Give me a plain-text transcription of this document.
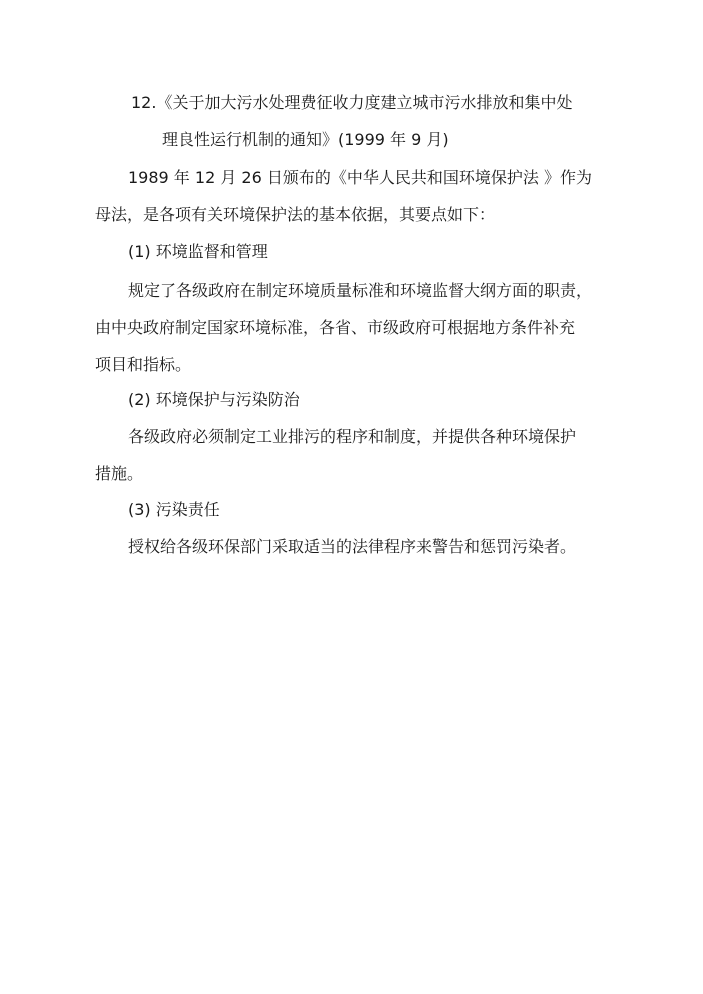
12.《关于加大污水处理费征收力度建立城市污水排放和集中处
理良性运行机制的通知》(1999 年 9 月)
1989 年 12 月 26 日颁布的《中华人民共和国环境保护法 》作为
母法，是各项有关环境保护法的基本依据，其要点如下：
(1) 环境监督和管理
规定了各级政府在制定环境质量标准和环境监督大纲方面的职责，
由中央政府制定国家环境标准，各省、市级政府可根据地方条件补充
项目和指标。
(2) 环境保护与污染防治
各级政府必须制定工业排污的程序和制度，并提供各种环境保护
措施。
(3) 污染责任
授权给各级环保部门采取适当的法律程序来警告和惩罚污染者。
